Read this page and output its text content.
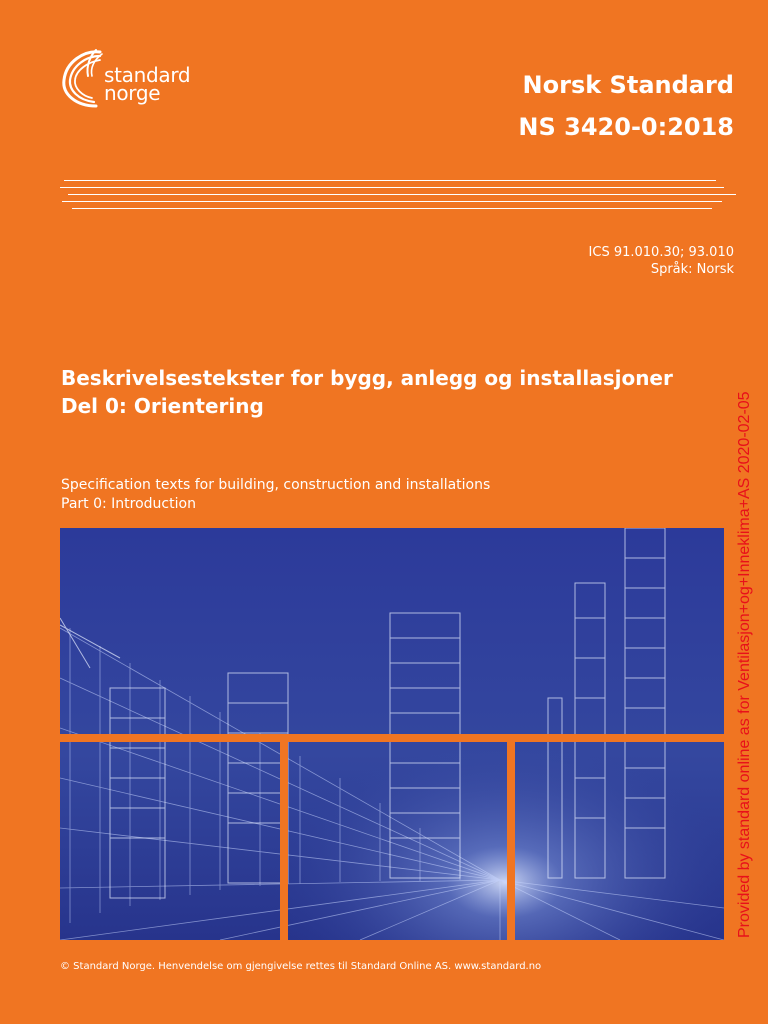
standard
norge	Norsk Standard
NS 3420-0:2018
ICS 91.010.30; 93.010
Språk: Norsk
Beskrivelsestekster for bygg, anlegg og installasjoner
Del 0: Orientering
Specification texts for building, construction and installations
Part 0: Introduction	Provided by standard online as for Ventilasjon+og+Inneklima+AS 2020-02-05
© Standard Norge. Henvendelse om gjengivelse rettes til Standard Online AS. www.standard.no
